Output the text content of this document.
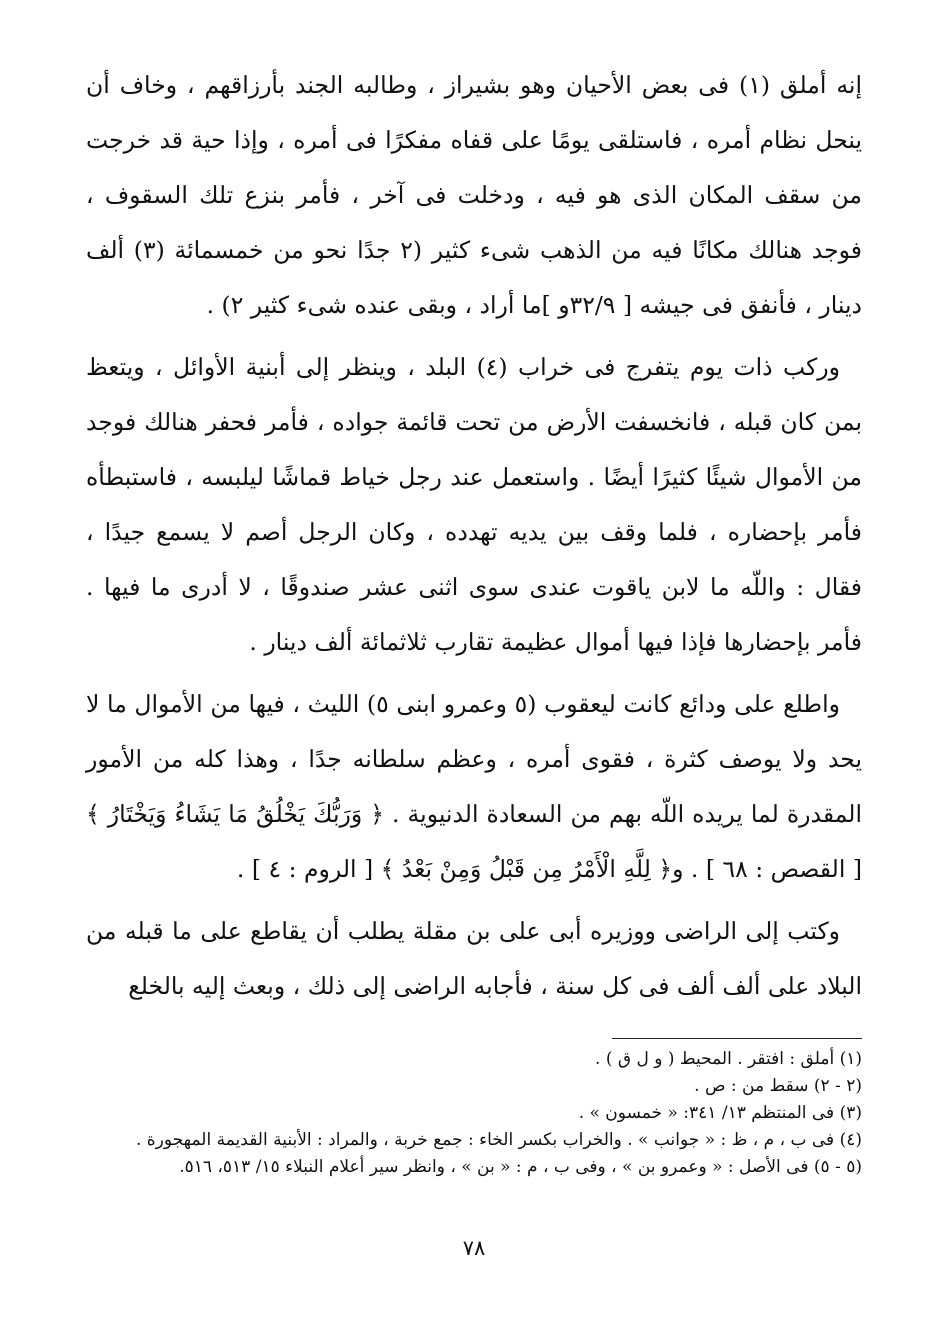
إنه أملق (١) فى بعض الأحيان وهو بشيراز ، وطالبه الجند بأرزاقهم ، وخاف أن ينحل نظام أمره ، فاستلقى يومًا على قفاه مفكرًا فى أمره ، وإذا حية قد خرجت من سقف المكان الذى هو فيه ، ودخلت فى آخر ، فأمر بنزع تلك السقوف ، فوجد هنالك مكانًا فيه من الذهب شىء كثير (٢ جدًا نحو من خمسمائة (٣) ألف دينار ، فأنفق فى جيشه [ ٣٢/٩و ]ما أراد ، وبقى عنده شىء كثير ٢) .

وركب ذات يوم يتفرج فى خراب (٤) البلد ، وينظر إلى أبنية الأوائل ، ويتعظ بمن كان قبله ، فانخسفت الأرض من تحت قائمة جواده ، فأمر فحفر هنالك فوجد من الأموال شيئًا كثيرًا أيضًا . واستعمل عند رجل خياط قماشًا ليلبسه ، فاستبطأه فأمر بإحضاره ، فلما وقف بين يديه تهدده ، وكان الرجل أصم لا يسمع جيدًا ، فقال : واللّه ما لابن ياقوت عندى سوى اثنى عشر صندوقًا ، لا أدرى ما فيها . فأمر بإحضارها فإذا فيها أموال عظيمة تقارب ثلاثمائة ألف دينار .

واطلع على ودائع كانت ليعقوب (٥ وعمرو ابنى ٥) الليث ، فيها من الأموال ما لا يحد ولا يوصف كثرة ، فقوى أمره ، وعظم سلطانه جدًا ، وهذا كله من الأمور المقدرة لما يريده اللّه بهم من السعادة الدنيوية . ﴿ وَرَبُّكَ يَخْلُقُ مَا يَشَاءُ وَيَخْتَارُ ﴾ [ القصص : ٦٨ ] . و﴿ لِلَّهِ الْأَمْرُ مِن قَبْلُ وَمِنْ بَعْدُ ﴾ [ الروم : ٤ ] .

وكتب إلى الراضى ووزيره أبى على بن مقلة يطلب أن يقاطع على ما قبله من البلاد على ألف ألف فى كل سنة ، فأجابه الراضى إلى ذلك ، وبعث إليه بالخلع

(١) أملق : افتقر . المحيط ( و ل ق ) .

(٢ - ٢) سقط من : ص .

(٣) فى المنتظم ١٣/ ٣٤١: « خمسون » .

(٤) فى ب ، م ، ظ : « جوانب » . والخراب بكسر الخاء : جمع خربة ، والمراد : الأبنية القديمة المهجورة .

(٥ - ٥) فى الأصل : « وعمرو بن » ، وفى ب ، م : « بن » ، وانظر سير أعلام النبلاء ١٥/ ٥١٣، ٥١٦.

٧٨
